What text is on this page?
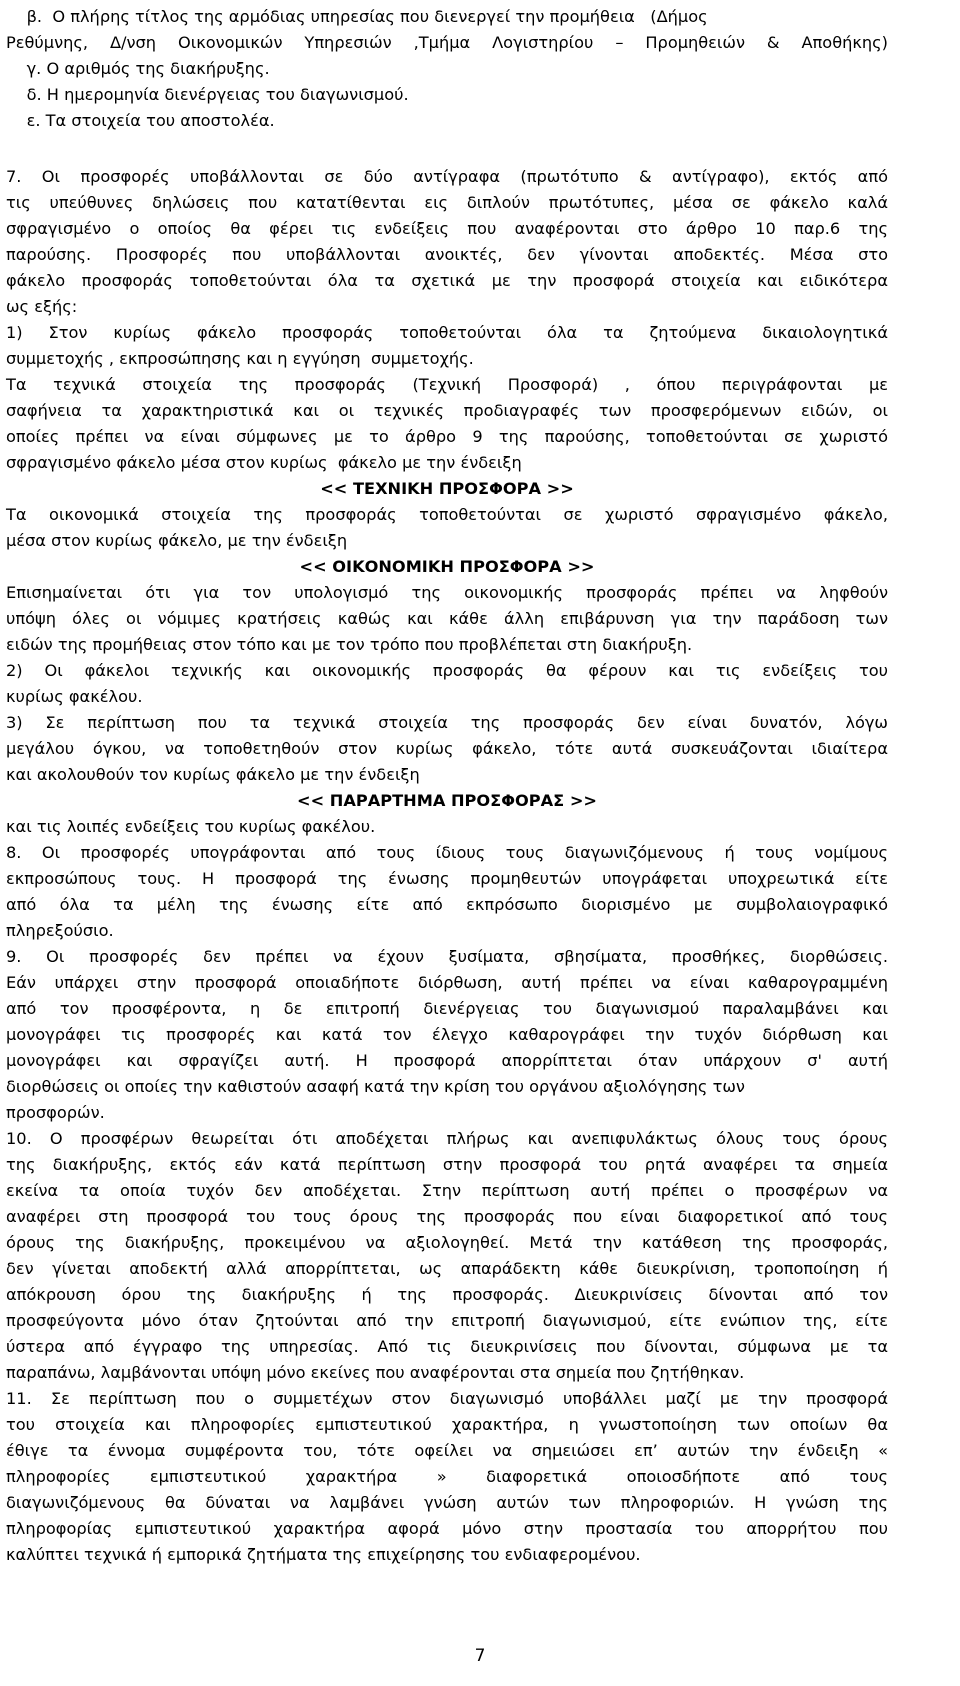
β.  Ο πλήρης τίτλος της αρμόδιας υπηρεσίας που διενεργεί την προμήθεια   (Δήμος
Ρεθύμνης, Δ/νση Οικονομικών Υπηρεσιών ,Τμήμα Λογιστηρίου – Προμηθειών & Αποθήκης)
γ. Ο αριθμός της διακήρυξης.
δ. Η ημερομηνία διενέργειας του διαγωνισμού.
ε. Τα στοιχεία του αποστολέα.
7. Οι προσφορές υποβάλλονται σε δύο αντίγραφα (πρωτότυπο & αντίγραφο), εκτός από
τις υπεύθυνες δηλώσεις που κατατίθενται εις διπλούν πρωτότυπες, μέσα σε φάκελο καλά
σφραγισμένο ο οποίος θα φέρει τις ενδείξεις που αναφέρονται στο άρθρο 10 παρ.6 της
παρούσης. Προσφορές που υποβάλλονται ανοικτές, δεν γίνονται αποδεκτές. Μέσα στο
φάκελο προσφοράς τοποθετούνται όλα τα σχετικά με την προσφορά στοιχεία και ειδικότερα
ως εξής:
1) Στον κυρίως φάκελο προσφοράς τοποθετούνται όλα τα ζητούμενα δικαιολογητικά
συμμετοχής , εκπροσώπησης και η εγγύηση  συμμετοχής.
Τα τεχνικά στοιχεία της προσφοράς (Τεχνική Προσφορά) , όπου περιγράφονται με
σαφήνεια τα χαρακτηριστικά και οι τεχνικές προδιαγραφές των προσφερόμενων ειδών, οι
οποίες πρέπει να είναι σύμφωνες με το άρθρο 9 της παρούσης, τοποθετούνται σε χωριστό
σφραγισμένο φάκελο μέσα στον κυρίως  φάκελο με την ένδειξη
<< ΤΕΧΝΙΚΗ ΠΡΟΣΦΟΡΑ >>
Τα οικονομικά στοιχεία της προσφοράς τοποθετούνται σε χωριστό σφραγισμένο φάκελο,
μέσα στον κυρίως φάκελο, με την ένδειξη
<< ΟΙΚΟΝΟΜΙΚΗ ΠΡΟΣΦΟΡΑ >>
Επισημαίνεται ότι για τον υπολογισμό της οικονομικής προσφοράς πρέπει να ληφθούν
υπόψη όλες οι νόμιμες κρατήσεις καθώς και κάθε άλλη επιβάρυνση για την παράδοση των
ειδών της προμήθειας στον τόπο και με τον τρόπο που προβλέπεται στη διακήρυξη.
2) Οι φάκελοι τεχνικής και οικονομικής προσφοράς θα φέρουν και τις ενδείξεις του
κυρίως φακέλου.
3) Σε περίπτωση που τα τεχνικά στοιχεία της προσφοράς δεν είναι δυνατόν, λόγω
μεγάλου όγκου, να τοποθετηθούν στον κυρίως φάκελο, τότε αυτά συσκευάζονται ιδιαίτερα
και ακολουθούν τον κυρίως φάκελο με την ένδειξη
<< ΠΑΡΑΡΤΗΜΑ ΠΡΟΣΦΟΡΑΣ >>
και τις λοιπές ενδείξεις του κυρίως φακέλου.
8. Οι προσφορές υπογράφονται από τους ίδιους τους διαγωνιζόμενους ή τους νομίμους
εκπροσώπους τους. Η προσφορά της ένωσης προμηθευτών υπογράφεται υποχρεωτικά είτε
από όλα τα μέλη της ένωσης είτε από εκπρόσωπο διορισμένο με συμβολαιογραφικό
πληρεξούσιο.
9. Οι προσφορές δεν πρέπει να έχουν ξυσίματα, σβησίματα, προσθήκες, διορθώσεις.
Εάν υπάρχει στην προσφορά οποιαδήποτε διόρθωση, αυτή πρέπει να είναι καθαρογραμμένη
από τον προσφέροντα, η δε επιτροπή διενέργειας του διαγωνισμού παραλαμβάνει και
μονογράφει τις προσφορές και κατά τον έλεγχο καθαρογράφει την τυχόν διόρθωση και
μονογράφει και σφραγίζει αυτή. Η προσφορά απορρίπτεται όταν υπάρχουν σ' αυτή
διορθώσεις οι οποίες την καθιστούν ασαφή κατά την κρίση του οργάνου αξιολόγησης των
προσφορών.
10. Ο προσφέρων θεωρείται ότι αποδέχεται πλήρως και ανεπιφυλάκτως όλους τους όρους
της διακήρυξης, εκτός εάν κατά περίπτωση στην προσφορά του ρητά αναφέρει τα σημεία
εκείνα τα οποία τυχόν δεν αποδέχεται. Στην περίπτωση αυτή πρέπει ο προσφέρων να
αναφέρει στη προσφορά του τους όρους της προσφοράς που είναι διαφορετικοί από τους
όρους της διακήρυξης, προκειμένου να αξιολογηθεί. Μετά την κατάθεση της προσφοράς,
δεν γίνεται αποδεκτή αλλά απορρίπτεται, ως απαράδεκτη κάθε διευκρίνιση, τροποποίηση ή
απόκρουση όρου της διακήρυξης ή της προσφοράς. Διευκρινίσεις δίνονται από τον
προσφεύγοντα μόνο όταν ζητούνται από την επιτροπή διαγωνισμού, είτε ενώπιον της, είτε
ύστερα από έγγραφο της υπηρεσίας. Από τις διευκρινίσεις που δίνονται, σύμφωνα με τα
παραπάνω, λαμβάνονται υπόψη μόνο εκείνες που αναφέρονται στα σημεία που ζητήθηκαν.
11. Σε περίπτωση που ο συμμετέχων στον διαγωνισμό υποβάλλει μαζί με την προσφορά
του στοιχεία και πληροφορίες εμπιστευτικού χαρακτήρα, η γνωστοποίηση των οποίων θα
έθιγε τα έννομα συμφέροντα του, τότε οφείλει να σημειώσει επ’ αυτών την ένδειξη «
πληροφορίες εμπιστευτικού χαρακτήρα » διαφορετικά οποιοσδήποτε από τους
διαγωνιζόμενους θα δύναται να λαμβάνει γνώση αυτών των πληροφοριών. Η γνώση της
πληροφορίας εμπιστευτικού χαρακτήρα αφορά μόνο στην προστασία του απορρήτου που
καλύπτει τεχνικά ή εμπορικά ζητήματα της επιχείρησης του ενδιαφερομένου.
7
